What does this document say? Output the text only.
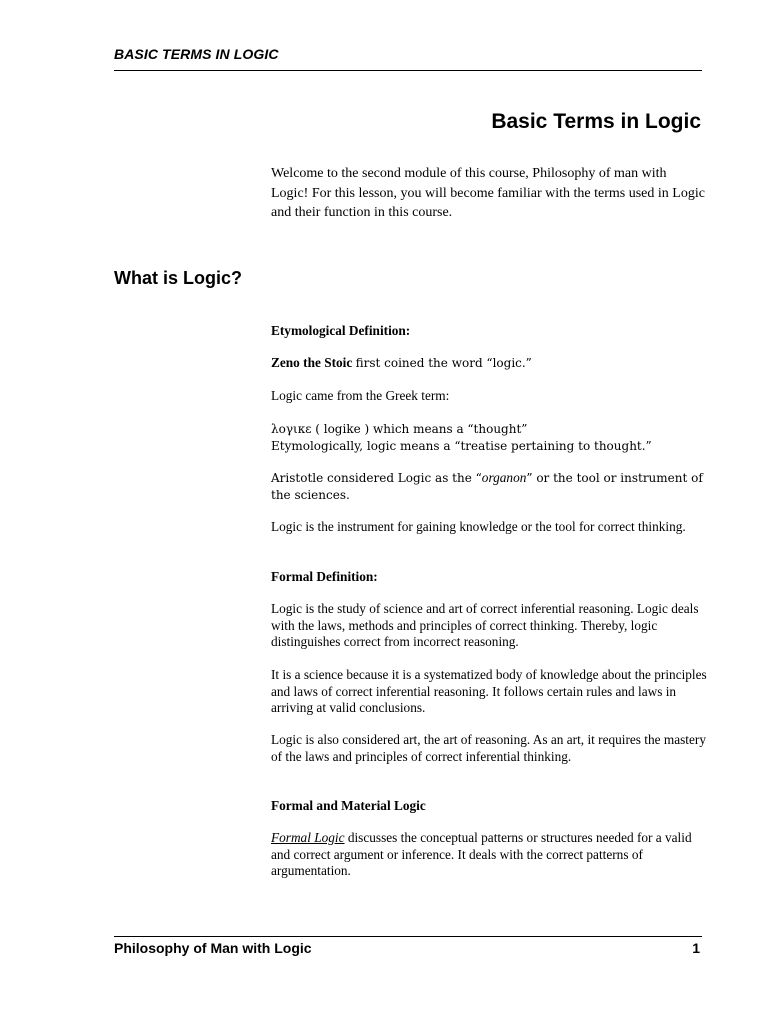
BASIC TERMS IN LOGIC
Basic Terms in Logic
Welcome to the second module of this course, Philosophy of man with Logic! For this lesson, you will become familiar with the terms used in Logic and their function in this course.
What is Logic?

Etymological Definition:

Zeno the Stoic first coined the word “logic.”

Logic came from the Greek term:

λογικε ( logike ) which means a “thought”

Etymologically, logic means a “treatise pertaining to thought.”

Aristotle considered Logic as the “organon” or the tool or instrument of the sciences.

Logic is the instrument for gaining knowledge or the tool for correct thinking.

Formal Definition:

Logic is the study of science and art of correct inferential reasoning. Logic deals with the laws, methods and principles of correct thinking. Thereby, logic distinguishes correct from incorrect reasoning.

It is a science because it is a systematized body of knowledge about the principles and laws of correct inferential reasoning. It follows certain rules and laws in arriving at valid conclusions.

Logic is also considered art, the art of reasoning. As an art, it requires the mastery of the laws and principles of correct inferential thinking.

Formal and Material Logic

Formal Logic discusses the conceptual patterns or structures needed for a valid and correct argument or inference. It deals with the correct patterns of argumentation.

Philosophy of Man with Logic	1
